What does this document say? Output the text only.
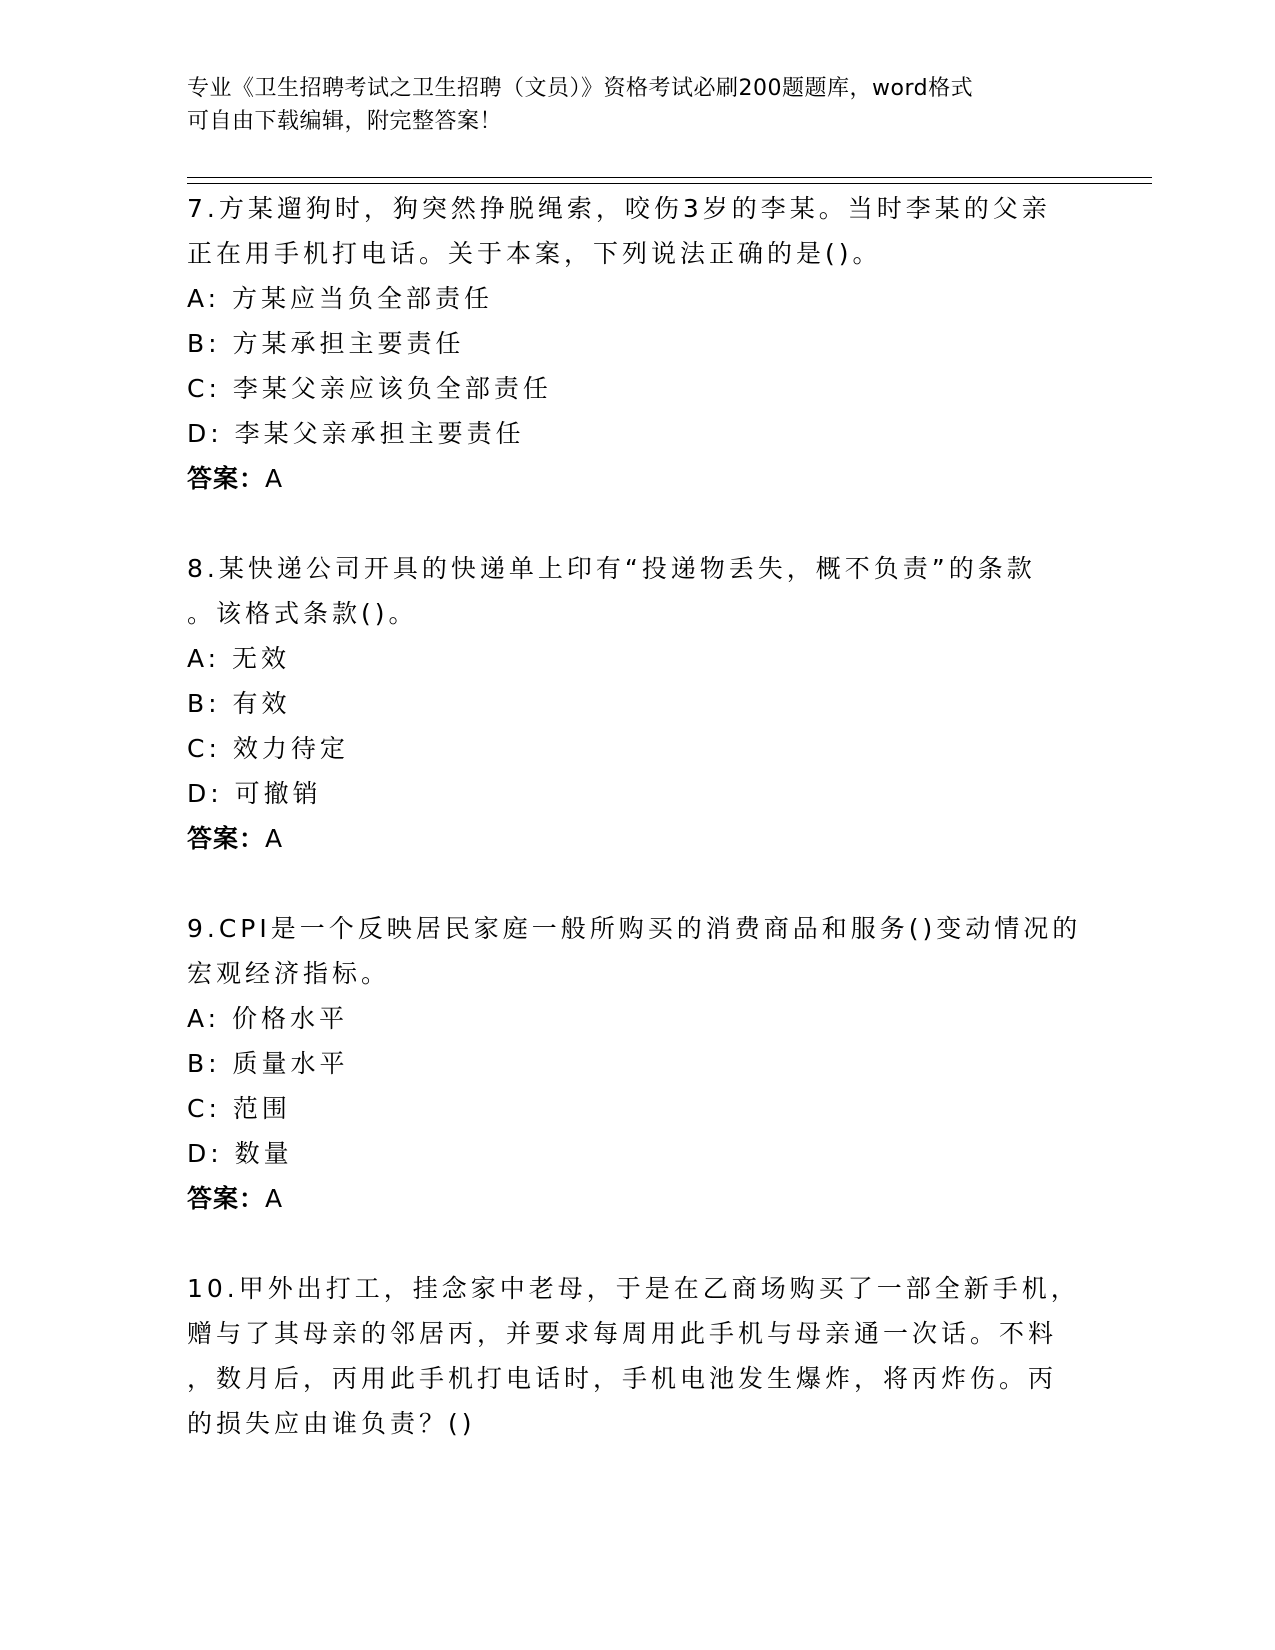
专业《卫生招聘考试之卫生招聘（文员）》资格考试必刷200题题库，word格式
可自由下载编辑，附完整答案！

7.方某遛狗时，狗突然挣脱绳索，咬伤3岁的李某。当时李某的父亲

正在用手机打电话。关于本案，下列说法正确的是()。

A: 方某应当负全部责任

B: 方某承担主要责任

C: 李某父亲应该负全部责任

D: 李某父亲承担主要责任

答案：A

8.某快递公司开具的快递单上印有“投递物丢失，概不负责”的条款

。该格式条款()。

A: 无效

B: 有效

C: 效力待定

D: 可撤销

答案：A

9.CPI是一个反映居民家庭一般所购买的消费商品和服务()变动情况的

宏观经济指标。

A: 价格水平

B: 质量水平

C: 范围

D: 数量

答案：A

10.甲外出打工，挂念家中老母，于是在乙商场购买了一部全新手机，

赠与了其母亲的邻居丙，并要求每周用此手机与母亲通一次话。不料

，数月后，丙用此手机打电话时，手机电池发生爆炸，将丙炸伤。丙

的损失应由谁负责？()
